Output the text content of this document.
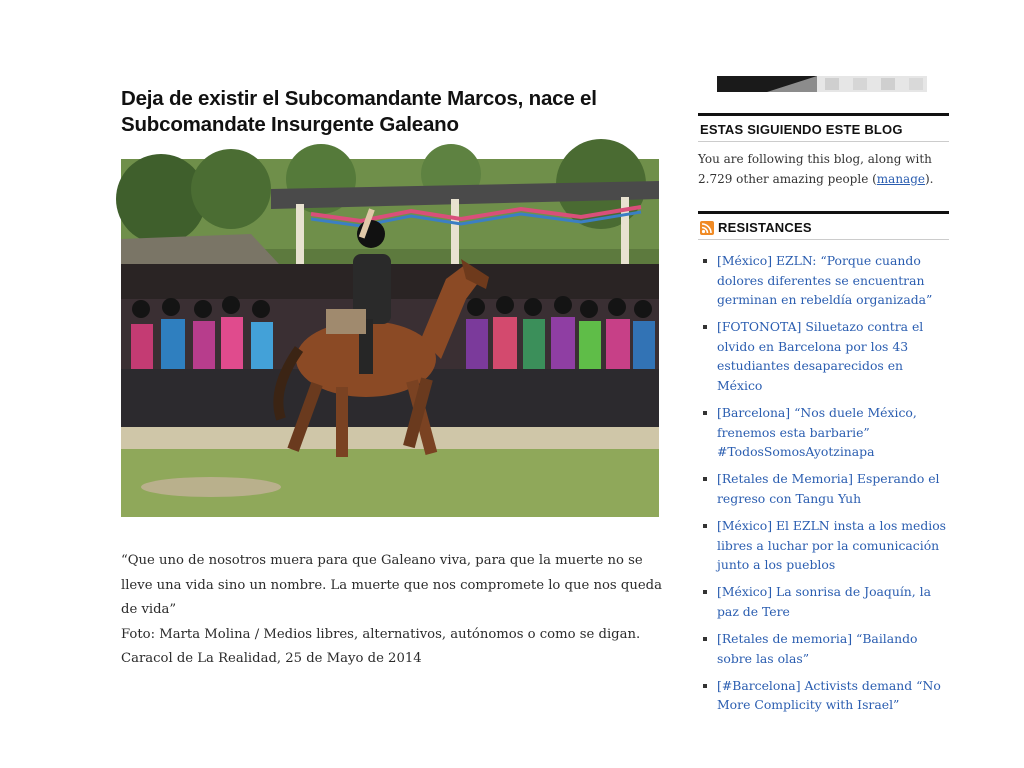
Deja de existir el Subcomandante Marcos, nace el Subcomandate Insurgente Galeano

“Que uno de nosotros muera para que Galeano viva, para que la muerte no se lleve una vida sino un nombre. La muerte que nos compromete lo que nos queda de vida”

Foto: Marta Molina / Medios libres, alternativos, autónomos o como se digan. Caracol de La Realidad, 25 de Mayo de 2014

ESTAS SIGUIENDO ESTE BLOG

You are following this blog, along with 2.729 other amazing people (manage).

RESISTANCES
[México] EZLN: “Porque cuando dolores diferentes se encuentran germinan en rebeldía organizada”
[FOTONOTA] Siluetazo contra el olvido en Barcelona por los 43 estudiantes desaparecidos en México
[Barcelona] “Nos duele México, frenemos esta barbarie” #TodosSomosAyotzinapa
[Retales de Memoria] Esperando el regreso con Tangu Yuh
[México] El EZLN insta a los medios libres a luchar por la comunicación junto a los pueblos
[México] La sonrisa de Joaquín, la paz de Tere
[Retales de memoria] “Bailando sobre las olas”
[#Barcelona] Activists demand “No More Complicity with Israel”
